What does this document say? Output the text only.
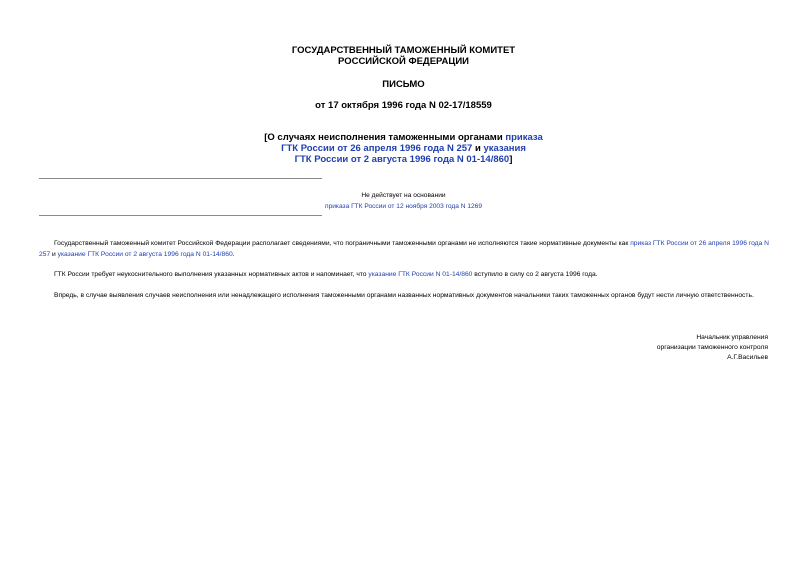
ГОСУДАРСТВЕННЫЙ ТАМОЖЕННЫЙ КОМИТЕТ
РОССИЙСКОЙ ФЕДЕРАЦИИ
ПИСЬМО
от 17 октября 1996 года N 02-17/18559
[О случаях неисполнения таможенными органами приказа
ГТК России от 26 апреля 1996 года N 257 и указания
ГТК России от 2 августа 1996 года N 01-14/860]
Не действует на основании
приказа ГТК России от 12 ноября 2003 года N 1269

Государственный таможенный комитет Российской Федерации располагает сведениями, что пограничными таможенными органами не исполняются такие нормативные документы как приказ ГТК России от 26 апреля 1996 года N 257 и указание ГТК России от 2 августа 1996 года N 01-14/860.

ГТК России требует неукоснительного выполнения указанных нормативных актов и напоминает, что указание ГТК России N 01-14/860 вступило в силу со 2 августа 1996 года.

Впредь, в случае выявления случаев неисполнения или ненадлежащего исполнения таможенными органами названных нормативных документов начальники таких таможенных органов будут нести личную ответственность.

Начальник управления
организации таможенного контроля
А.Г.Васильев
